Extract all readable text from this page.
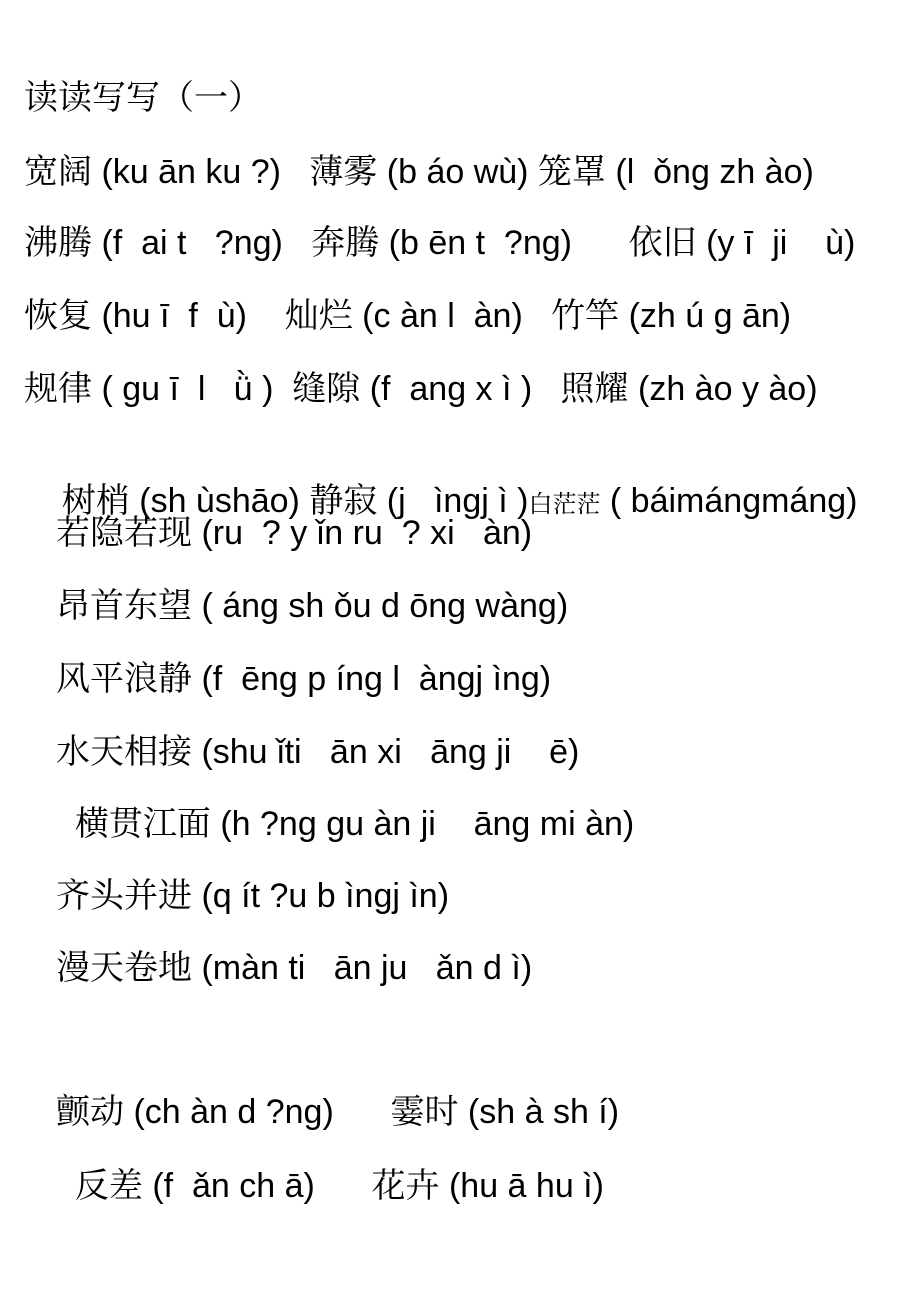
读读写写（一）
宽阔 (ku ān ku ?)   薄雾 (b áo wù) 笼罩 (l  ǒng zh ào)
沸腾 (f  ai t   ?ng)   奔腾 (b ēn t  ?ng)      依旧 (y ī  ji    ù)
恢复 (hu ī  f  ù)    灿烂 (c àn l  àn)   竹竿 (zh ú g ān)
规律 ( gu ī  l   ǜ )  缝隙 (f  ang x ì )   照耀 (zh ào y ào)

树梢 (sh ùshāo) 静寂 (j   ìngj ì )白茫茫 ( báimángmáng)

若隐若现 (ru  ? y ǐn ru  ? xi   àn)
昂首东望 ( áng sh ǒu d ōng wàng)
风平浪静 (f  ēng p íng l  àngj ìng)
水天相接 (shu ǐti   ān xi   āng ji    ē)
横贯江面 (h ?ng gu àn ji    āng mi àn)
齐头并进 (q ít ?u b ìngj ìn)
漫天卷地 (màn ti   ān ju   ǎn d ì)
颤动 (ch àn d ?ng)      霎时 (sh à sh í)
反差 (f  ǎn ch ā)      花卉 (hu ā hu ì)
